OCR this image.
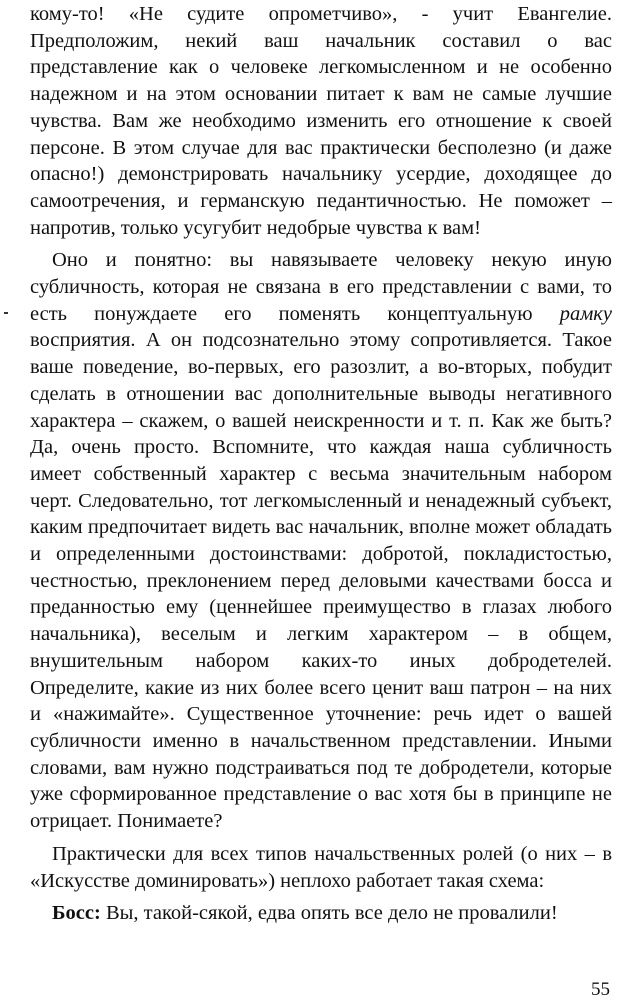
кому-то! «Не судите опрометчиво», - учит Евангелие. Предположим, некий ваш начальник составил о вас представление как о человеке легкомысленном и не особенно надежном и на этом основании питает к вам не самые лучшие чувства. Вам же необходимо изменить его отношение к своей персоне. В этом случае для вас практически бесполезно (и даже опасно!) демонстрировать начальнику усердие, доходящее до самоотречения, и германскую педантичностью. Не поможет – напротив, только усугубит недобрые чувства к вам!

Оно и понятно: вы навязываете человеку некую иную субличность, которая не связана в его представлении с вами, то есть понуждаете его поменять концептуальную рамку восприятия. А он подсознательно этому сопротивляется. Такое ваше поведение, во-первых, его разозлит, а во-вторых, побудит сделать в отношении вас дополнительные выводы негативного характера – скажем, о вашей неискренности и т. п. Как же быть? Да, очень просто. Вспомните, что каждая наша субличность имеет собственный характер с весьма значительным набором черт. Следовательно, тот легкомысленный и ненадежный субъект, каким предпочитает видеть вас начальник, вполне может обладать и определенными достоинствами: добротой, покладистостью, честностью, преклонением перед деловыми качествами босса и преданностью ему (ценнейшее преимущество в глазах любого начальника), веселым и легким характером – в общем, внушительным набором каких-то иных добродетелей. Определите, какие из них более всего ценит ваш патрон – на них и «нажимайте». Существенное уточнение: речь идет о вашей субличности именно в начальственном представлении. Иными словами, вам нужно подстраиваться под те добродетели, которые уже сформированное представление о вас хотя бы в принципе не отрицает. Понимаете?

Практически для всех типов начальственных ролей (о них – в «Искусстве доминировать») неплохо работает такая схема:

Босс: Вы, такой-сякой, едва опять все дело не провалили!

55
